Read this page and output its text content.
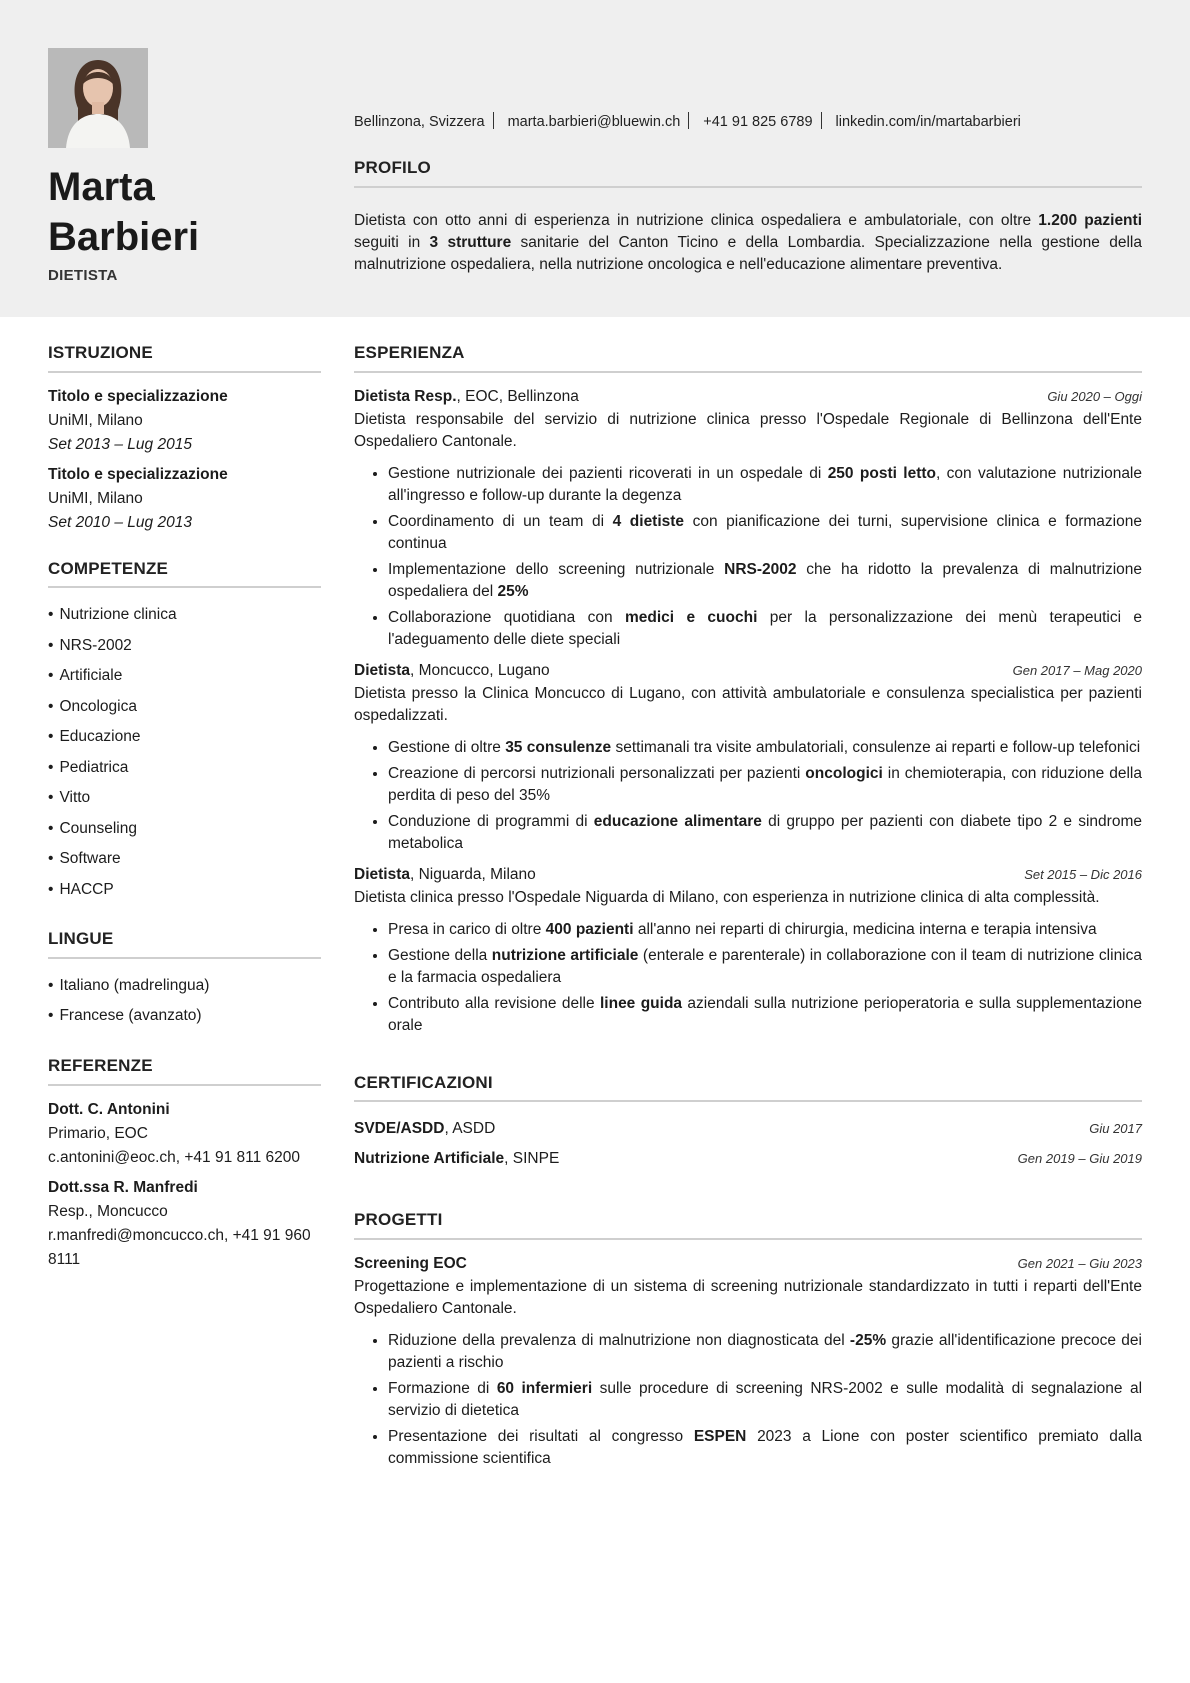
Marta
Barbieri
DIETISTA
Bellinzona, Svizzera marta.barbieri@bluewin.ch +41 91 825 6789 linkedin.com/in/martabarbieri
PROFILO
Dietista con otto anni di esperienza in nutrizione clinica ospedaliera e ambulatoriale, con oltre 1.200 pazienti seguiti in 3 strutture sanitarie del Canton Ticino e della Lombardia. Specializzazione nella gestione della malnutrizione ospedaliera, nella nutrizione oncologica e nell'educazione alimentare preventiva.
ISTRUZIONE
Titolo e specializzazione
UniMI, Milano
Set 2013 – Lug 2015
Titolo e specializzazione
UniMI, Milano
Set 2010 – Lug 2013
COMPETENZE
• Nutrizione clinica
• NRS-2002
• Artificiale
• Oncologica
• Educazione
• Pediatrica
• Vitto
• Counseling
• Software
• HACCP
LINGUE
• Italiano (madrelingua)
• Francese (avanzato)
REFERENZE
Dott. C. Antonini
Primario, EOC
c.antonini@eoc.ch, +41 91 811 6200
Dott.ssa R. Manfredi
Resp., Moncucco
r.manfredi@moncucco.ch, +41 91 960 8111
ESPERIENZA
Dietista Resp., EOC, Bellinzona	Giu 2020 – Oggi
Dietista responsabile del servizio di nutrizione clinica presso l'Ospedale Regionale di Bellinzona dell'Ente Ospedaliero Cantonale.
• Gestione nutrizionale dei pazienti ricoverati in un ospedale di 250 posti letto, con valutazione nutrizionale all'ingresso e follow-up durante la degenza
• Coordinamento di un team di 4 dietiste con pianificazione dei turni, supervisione clinica e formazione continua
• Implementazione dello screening nutrizionale NRS-2002 che ha ridotto la prevalenza di malnutrizione ospedaliera del 25%
• Collaborazione quotidiana con medici e cuochi per la personalizzazione dei menù terapeutici e l'adeguamento delle diete speciali
Dietista, Moncucco, Lugano	Gen 2017 – Mag 2020
Dietista presso la Clinica Moncucco di Lugano, con attività ambulatoriale e consulenza specialistica per pazienti ospedalizzati.
• Gestione di oltre 35 consulenze settimanali tra visite ambulatoriali, consulenze ai reparti e follow-up telefonici
• Creazione di percorsi nutrizionali personalizzati per pazienti oncologici in chemioterapia, con riduzione della perdita di peso del 35%
• Conduzione di programmi di educazione alimentare di gruppo per pazienti con diabete tipo 2 e sindrome metabolica
Dietista, Niguarda, Milano	Set 2015 – Dic 2016
Dietista clinica presso l'Ospedale Niguarda di Milano, con esperienza in nutrizione clinica di alta complessità.
• Presa in carico di oltre 400 pazienti all'anno nei reparti di chirurgia, medicina interna e terapia intensiva
• Gestione della nutrizione artificiale (enterale e parenterale) in collaborazione con il team di nutrizione clinica e la farmacia ospedaliera
• Contributo alla revisione delle linee guida aziendali sulla nutrizione perioperatoria e sulla supplementazione orale
CERTIFICAZIONI
SVDE/ASDD, ASDD	Giu 2017
Nutrizione Artificiale, SINPE	Gen 2019 – Giu 2019
PROGETTI
Screening EOC	Gen 2021 – Giu 2023
Progettazione e implementazione di un sistema di screening nutrizionale standardizzato in tutti i reparti dell'Ente Ospedaliero Cantonale.
• Riduzione della prevalenza di malnutrizione non diagnosticata del -25% grazie all'identificazione precoce dei pazienti a rischio
• Formazione di 60 infermieri sulle procedure di screening NRS-2002 e sulle modalità di segnalazione al servizio di dietetica
• Presentazione dei risultati al congresso ESPEN 2023 a Lione con poster scientifico premiato dalla commissione scientifica
